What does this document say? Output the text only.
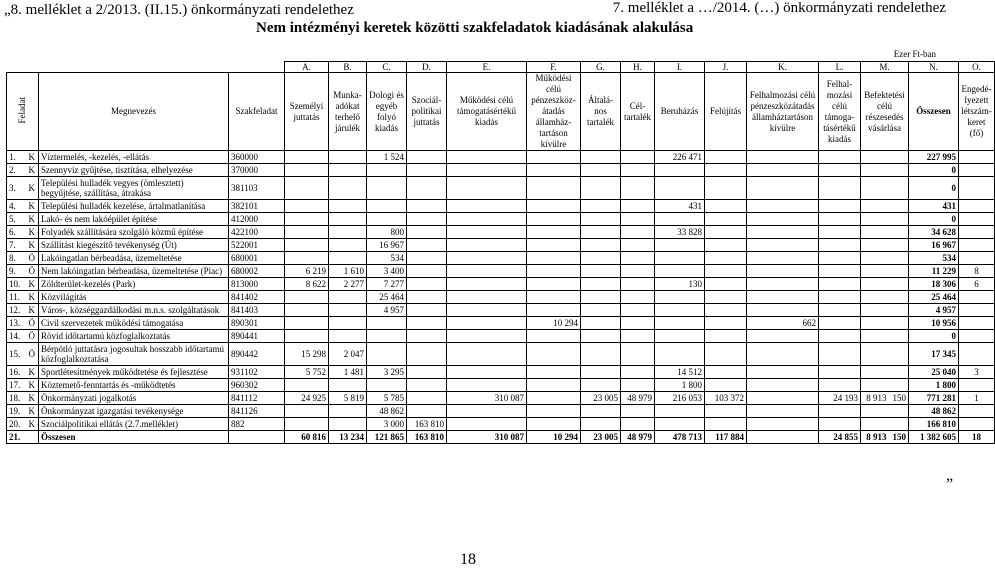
„8. melléklet a 2/2013. (II.15.) önkormányzati rendelethez	7. melléklet a …/2014. (…) önkormányzati rendelethez
Nem intézményi keretek közötti szakfeladatok kiadásának alakulása
Ezer Ft-ban
				A.	B.	C.	D.	E.	F.	G.	H.	I.	J.	K.	L.	M.	N.	O.
Feladat		Megnevezés	Szakfeladat	Személyi juttatás	Munka-adókat terhelő járulék	Dologi és egyéb folyó kiadás	Szociál-politikai juttatás	Működési célú támogatásértékű kiadás	Működési célú pénzeszköz-átadás államház-tartáson kívülre	Általá-nos tartalék	Cél-tartalék	Beruházás	Felújítás	Felhalmozási célú pénzeszközátadás államháztartáson kívülre	Felhal-mozási célú támoga-tásértékű kiadás	Befektetési célú részesedés vásárlása	Összesen	Engedé-lyezett létszám-keret (fő)
1.	K	Víztermelés, -kezelés, -ellátás	360000			1 524						226 471					227 995	
2.	K	Szennyvíz gyűjtése, tisztítása, elhelyezése	370000														0	
3.	K	Települési hulladék vegyes (ömlesztett) begyűjtése, szállítása, átrakása	381103														0	
4.	K	Települési hulladék kezelése, ártalmatlanítása	382101									431					431	
5.	K	Lakó- és nem lakóépület építése	412000														0	
6.	K	Folyadék szállítására szolgáló közmű építése	422100			800						33 828					34 628	
7.	K	Szállítást kiegészítő tevékenység (Út)	522001			16 967											16 967	
8.	Ö	Lakóingatlan bérbeadása, üzemeltetése	680001			534											534	
9.	Ö	Nem lakóingatlan bérbeadása, üzemeltetése (Piac)	680002	6 219	1 610	3 400											11 229	8
10.	K	Zöldterület-kezelés (Park)	813000	8 622	2 277	7 277						130					18 306	6
11.	K	Közvilágítás	841402			25 464											25 464	
12.	K	Város-, községgazdálkodási m.n.s. szolgáltatások	841403			4 957											4 957	
13.	Ö	Civil szervezetek működési támogatása	890301						10 294					662			10 956	
14.	Ö	Rövid időtartamú közfoglalkoztatás	890441														0	
15.	Ö	Bérpótló juttatásra jogosultak hosszabb időtartamú közfoglalkoztatása	890442	15 298	2 047												17 345	
16.	K	Sportlétesítmények működtetése és fejlesztése	931102	5 752	1 481	3 295						14 512					25 040	3
17.	K	Köztemető-fenntartás és -működtetés	960302									1 800					1 800	
18.	K	Önkormányzati jogalkotás	841112	24 925	5 819	5 785		310 087		23 005	48 979	216 053	103 372		24 193	8 913 150	771 281	1
19.	K	Önkormányzat igazgatási tevékenysége	841126			48 862											48 862	
20.	K	Szociálpolitikai ellátás (2.7.melléklet)	882			3 000	163 810										166 810	
21.		Összesen		60 816	13 234	121 865	163 810	310 087	10 294	23 005	48 979	478 713	117 884		24 855	8 913 150	1 382 605	18
18
”
